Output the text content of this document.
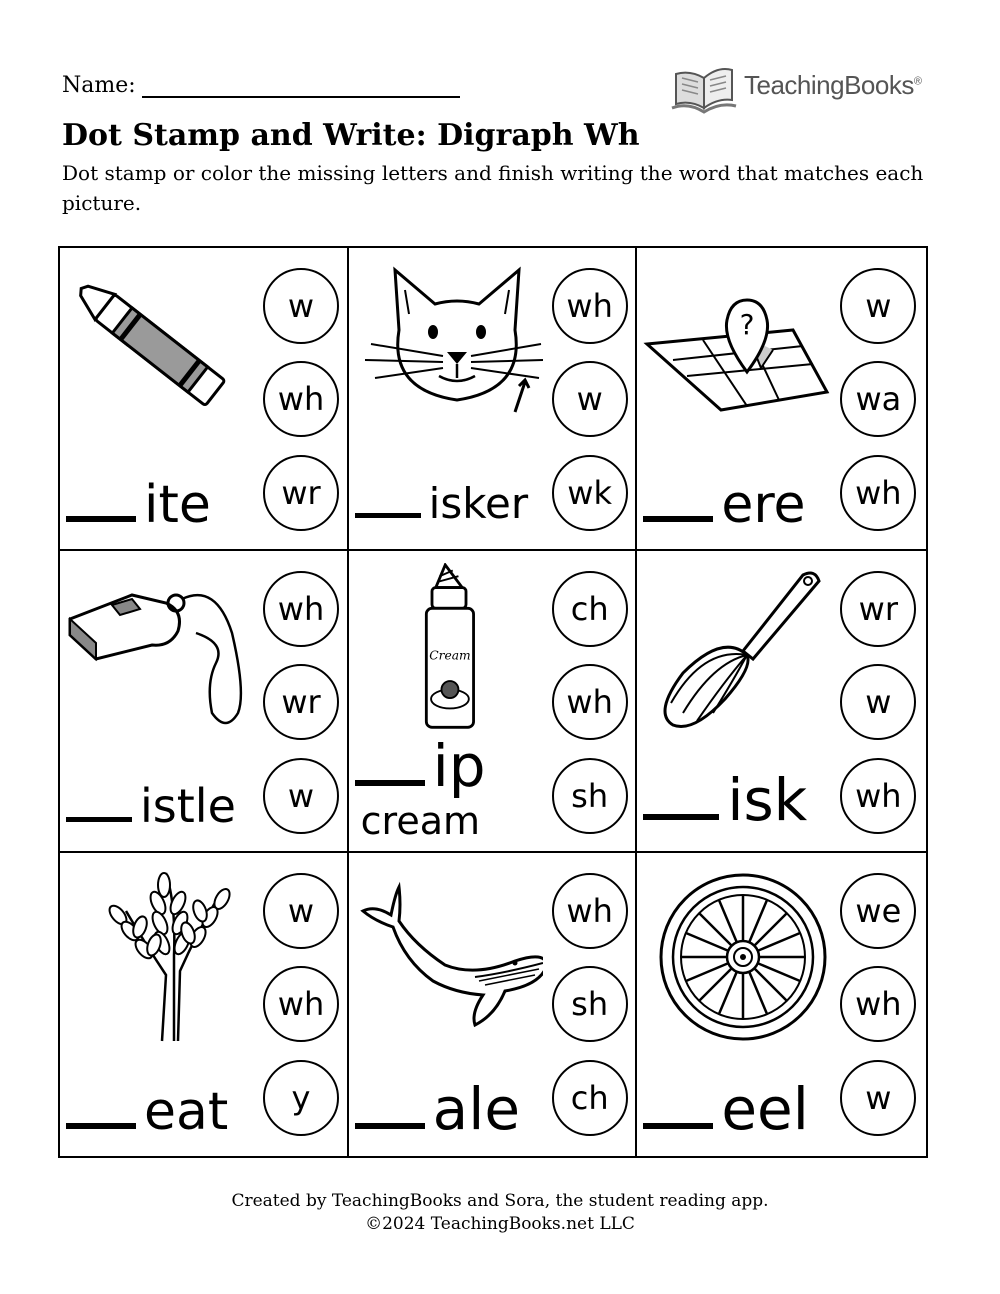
Name:	TeachingBooks®
Dot Stamp and Write: Digraph Wh

Dot stamp or color the missing letters and finish writing the word that matches each picture.

w
wh
wr
ite
wh
w
wk
isker
?	w
wa
wh
ere
wh
wr
w
istle
Cream
ch
wh
sh
ip
cream
wr
w
wh
isk
w
wh
y
eat
wh
sh
ch
ale
we
wh
w
eel
Created by TeachingBooks and Sora, the student reading app.
©2024 TeachingBooks.net LLC
